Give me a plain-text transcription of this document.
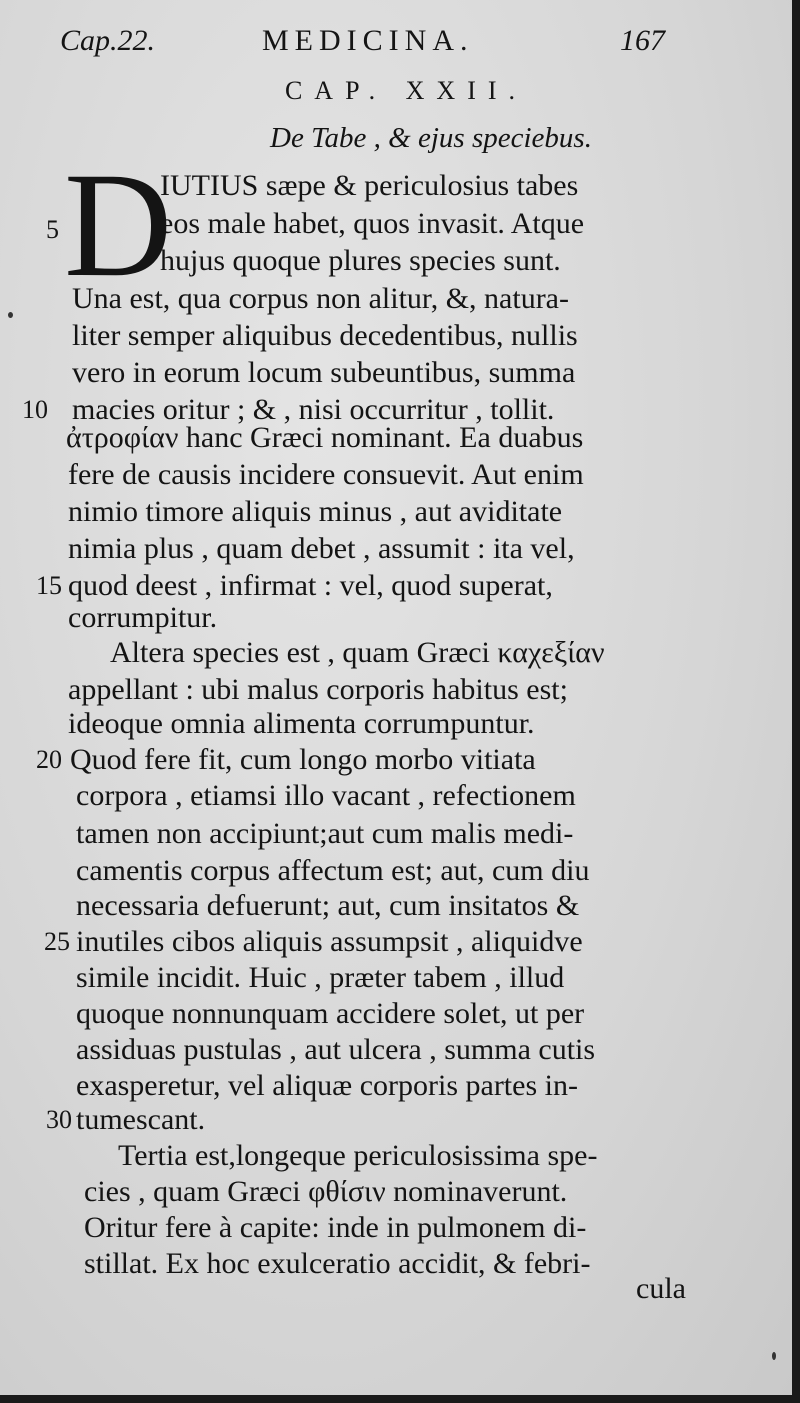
Cap.22.	MEDICINA.	167
CAP. XXII.
De Tabe , & ejus speciebus.
D
IUTIUS sæpe & periculosius tabes
eos male habet, quos invasit. Atque
hujus quoque plures species sunt.
Una est, qua corpus non alitur, &, natura-
liter semper aliquibus decedentibus, nullis
vero in eorum locum subeuntibus, summa
macies oritur ; & , nisi occurritur , tollit.
ἀτροφίαν hanc Græci nominant. Ea duabus
fere de causis incidere consuevit. Aut enim
nimio timore aliquis minus , aut aviditate
nimia plus , quam debet , assumit : ita vel,
quod deest , infirmat : vel, quod superat,
corrumpitur.
Altera species est , quam Græci καχεξίαν
appellant : ubi malus corporis habitus est;
ideoque omnia alimenta corrumpuntur.
Quod fere fit, cum longo morbo vitiata
corpora , etiamsi illo vacant , refectionem
tamen non accipiunt;aut cum malis medi-
camentis corpus affectum est; aut, cum diu
necessaria defuerunt; aut, cum insitatos &
inutiles cibos aliquis assumpsit , aliquidve
simile incidit. Huic , præter tabem , illud
quoque nonnunquam accidere solet, ut per
assiduas pustulas , aut ulcera , summa cutis
exasperetur, vel aliquæ corporis partes in-
tumescant.
Tertia est,longeque periculosissima spe-
cies , quam Græci φθίσιν nominaverunt.
Oritur fere à capite: inde in pulmonem di-
stillat. Ex hoc exulceratio accidit, & febri-
cula
5
10
15
20
25
30
